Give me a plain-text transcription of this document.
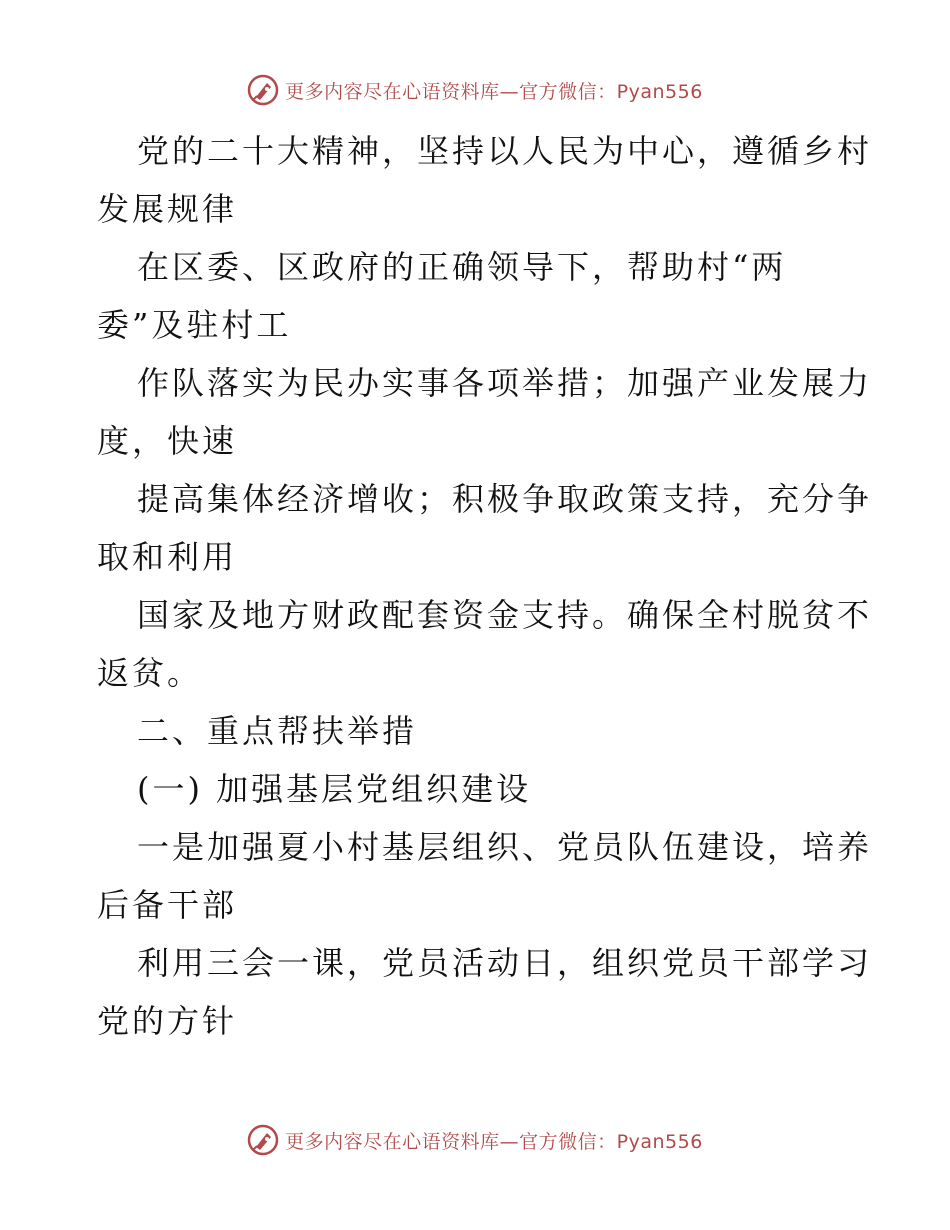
更多内容尽在心语资料库—官方微信：Pyan556
党的二十大精神，坚持以人民为中心，遵循乡村
发展规律
在区委、区政府的正确领导下，帮助村“两
委”及驻村工
作队落实为民办实事各项举措；加强产业发展力
度，快速
提高集体经济增收；积极争取政策支持，充分争
取和利用
国家及地方财政配套资金支持。确保全村脱贫不
返贫。
二、重点帮扶举措
(一) 加强基层党组织建设
一是加强夏小村基层组织、党员队伍建设，培养
后备干部
利用三会一课，党员活动日，组织党员干部学习
党的方针
更多内容尽在心语资料库—官方微信：Pyan556
